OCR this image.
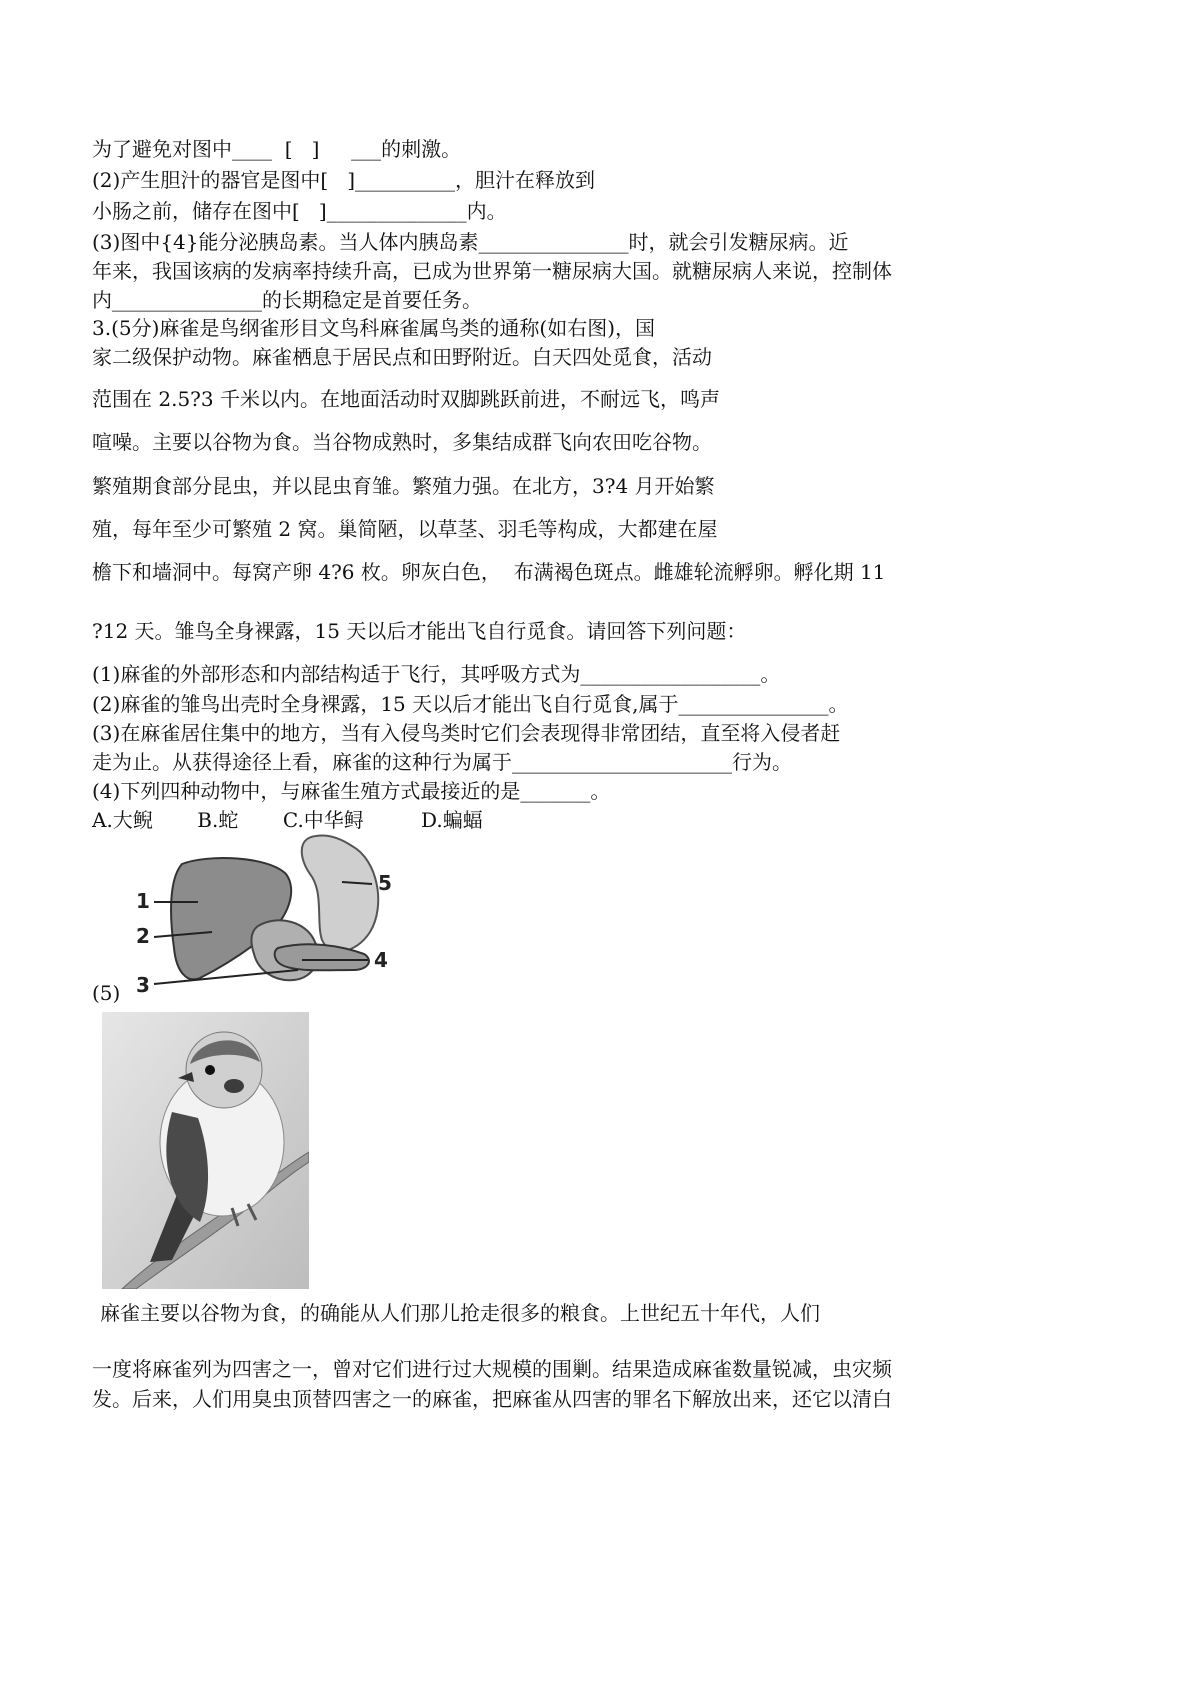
为了避免对图中____  [   ]     ___的刺激。
(2)产生胆汁的器官是图中[   ]__________，胆汁在释放到
小肠之前，储存在图中[   ]______________内。
(3)图中{4}能分泌胰岛素。当人体内胰岛素_______________时，就会引发糖尿病。近
年来，我国该病的发病率持续升高，已成为世界第一糖尿病大国。就糖尿病人来说，控制体
内_______________的长期稳定是首要任务。
3.(5分)麻雀是鸟纲雀形目文鸟科麻雀属鸟类的通称(如右图)，国
家二级保护动物。麻雀栖息于居民点和田野附近。白天四处觅食，活动
范围在 2.5?3 千米以内。在地面活动时双脚跳跃前进，不耐远飞，鸣声
喧噪。主要以谷物为食。当谷物成熟时，多集结成群飞向农田吃谷物。
繁殖期食部分昆虫，并以昆虫育雏。繁殖力强。在北方，3?4 月开始繁
殖，每年至少可繁殖 2 窝。巢简陋，以草茎、羽毛等构成，大都建在屋
檐下和墙洞中。每窝产卵 4?6 枚。卵灰白色，  布满褐色斑点。雌雄轮流孵卵。孵化期 11
?12 天。雏鸟全身裸露，15 天以后才能出飞自行觅食。请回答下列问题：
(1)麻雀的外部形态和内部结构适于飞行，其呼吸方式为__________________。
(2)麻雀的雏鸟出壳时全身裸露，15 天以后才能出飞自行觅食,属于_______________。
(3)在麻雀居住集中的地方，当有入侵鸟类时它们会表现得非常团结，直至将入侵者赶
走为止。从获得途径上看，麻雀的这种行为属于______________________行为。
(4)下列四种动物中，与麻雀生殖方式最接近的是_______。
A.大鲵       B.蛇       C.中华鲟         D.蝙蝠
1
2
3
4
5
(5)
麻雀主要以谷物为食，的确能从人们那儿抢走很多的粮食。上世纪五十年代，人们
一度将麻雀列为四害之一，曾对它们进行过大规模的围剿。结果造成麻雀数量锐减，虫灾频
发。后来，人们用臭虫顶替四害之一的麻雀，把麻雀从四害的罪名下解放出来，还它以清白
